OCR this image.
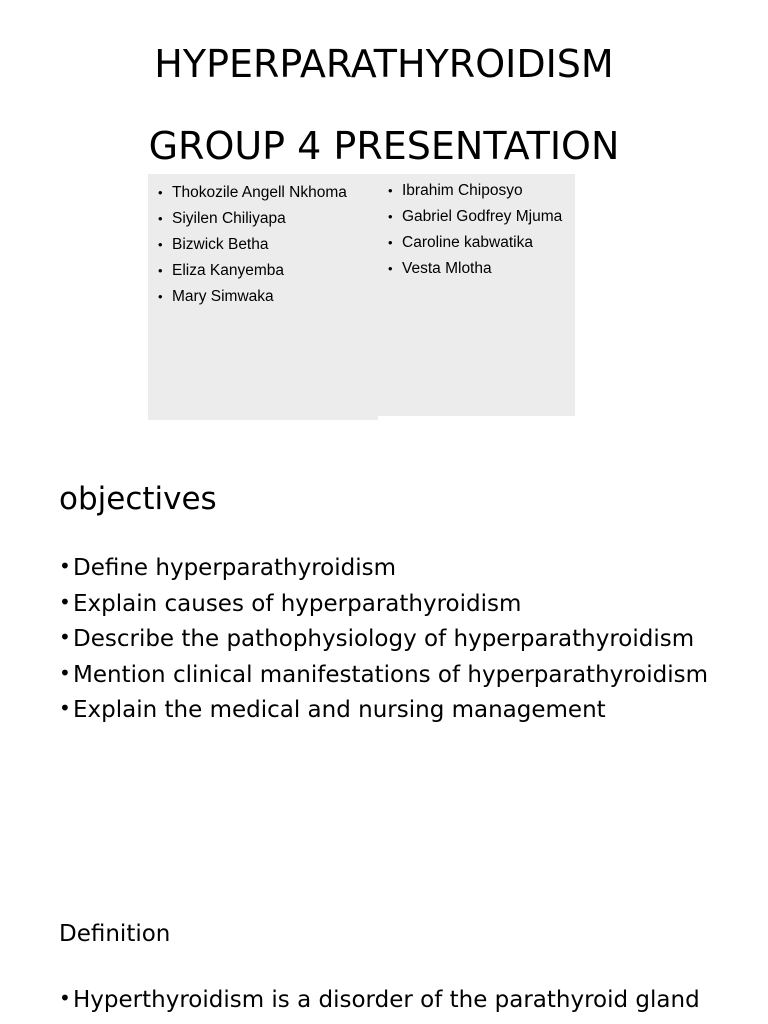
HYPERPARATHYROIDISM
GROUP 4 PRESENTATION
• Thokozile Angell Nkhoma
• Siyilen Chiliyapa
• Bizwick Betha
• Eliza Kanyemba
• Mary Simwaka
• Ibrahim Chiposyo
• Gabriel Godfrey Mjuma
• Caroline kabwatika
• Vesta Mlotha
objectives
• Define hyperparathyroidism
• Explain causes of hyperparathyroidism
• Describe the pathophysiology of hyperparathyroidism
• Mention clinical manifestations of hyperparathyroidism
• Explain the medical and nursing management
Definition
• Hyperthyroidism is a disorder of the parathyroid gland
